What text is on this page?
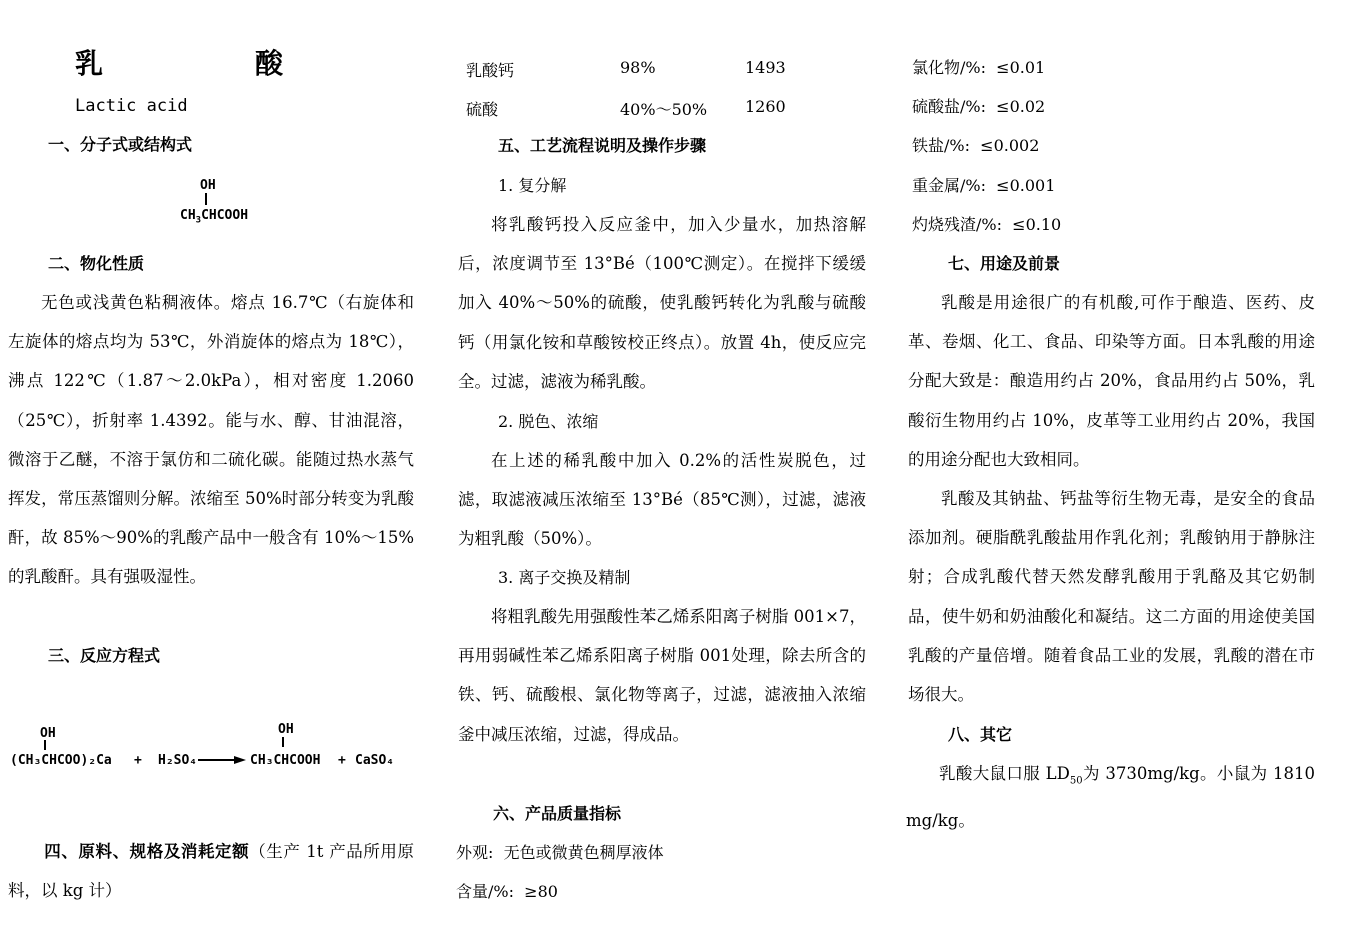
乳　酸
Lactic acid
一、分子式或结构式
OH
$CH_3CHCOOH$
二、物化性质
无色或浅黄色粘稠液体。熔点 16.7℃（右旋体和左旋体的熔点均为 53℃，外消旋体的熔点为 18℃），沸点 122℃（1.87～2.0kPa），相对密度 1.2060（25℃），折射率 1.4392。能与水、醇、甘油混溶，微溶于乙醚，不溶于氯仿和二硫化碳。能随过热水蒸气挥发，常压蒸馏则分解。浓缩至 50%时部分转变为乳酸酐，故 85%～90%的乳酸产品中一般含有 10%～15%的乳酸酐。具有强吸湿性。
三、反应方程式
OH
(CH₃CHCOO)₂Ca + H₂SO₄
OH
CH₃CHCOOH + CaSO₄
四、原料、规格及消耗定额（生产 1t 产品所用原料，以 kg 计）
乳酸钙	98%	1493
硫酸	40%～50% 1260
五、工艺流程说明及操作步骤
1. 复分解
将乳酸钙投入反应釜中，加入少量水，加热溶解后，浓度调节至 13°Bé（100℃测定）。在搅拌下缓缓加入 40%～50%的硫酸，使乳酸钙转化为乳酸与硫酸钙（用氯化铵和草酸铵校正终点）。放置 4h，使反应完全。过滤，滤液为稀乳酸。
2. 脱色、浓缩
在上述的稀乳酸中加入 0.2%的活性炭脱色，过滤，取滤液减压浓缩至 13°Bé（85℃测），过滤，滤液为粗乳酸（50%）。
3. 离子交换及精制
将粗乳酸先用强酸性苯乙烯系阳离子树脂 001×7，再用弱碱性苯乙烯系阳离子树脂 001处理，除去所含的铁、钙、硫酸根、氯化物等离子，过滤，滤液抽入浓缩釜中减压浓缩，过滤，得成品。
六、产品质量指标
外观: 无色或微黄色稠厚液体
含量/%: ≥80
氯化物/%: ≤0.01
硫酸盐/%: ≤0.02
铁盐/%: ≤0.002
重金属/%: ≤0.001
灼烧残渣/%: ≤0.10
七、用途及前景
乳酸是用途很广的有机酸,可作于酿造、医药、皮革、卷烟、化工、食品、印染等方面。日本乳酸的用途分配大致是：酿造用约占 20%，食品用约占 50%，乳酸衍生物用约占 10%，皮革等工业用约占 20%，我国的用途分配也大致相同。
乳酸及其钠盐、钙盐等衍生物无毒，是安全的食品添加剂。硬脂酰乳酸盐用作乳化剂；乳酸钠用于静脉注射；合成乳酸代替天然发酵乳酸用于乳酪及其它奶制品，使牛奶和奶油酸化和凝结。这二方面的用途使美国乳酸的产量倍增。随着食品工业的发展，乳酸的潜在市场很大。
八、其它
乳酸大鼠口服 $LD_{50}$为 3730mg/kg。小鼠为 1810 mg/kg。
